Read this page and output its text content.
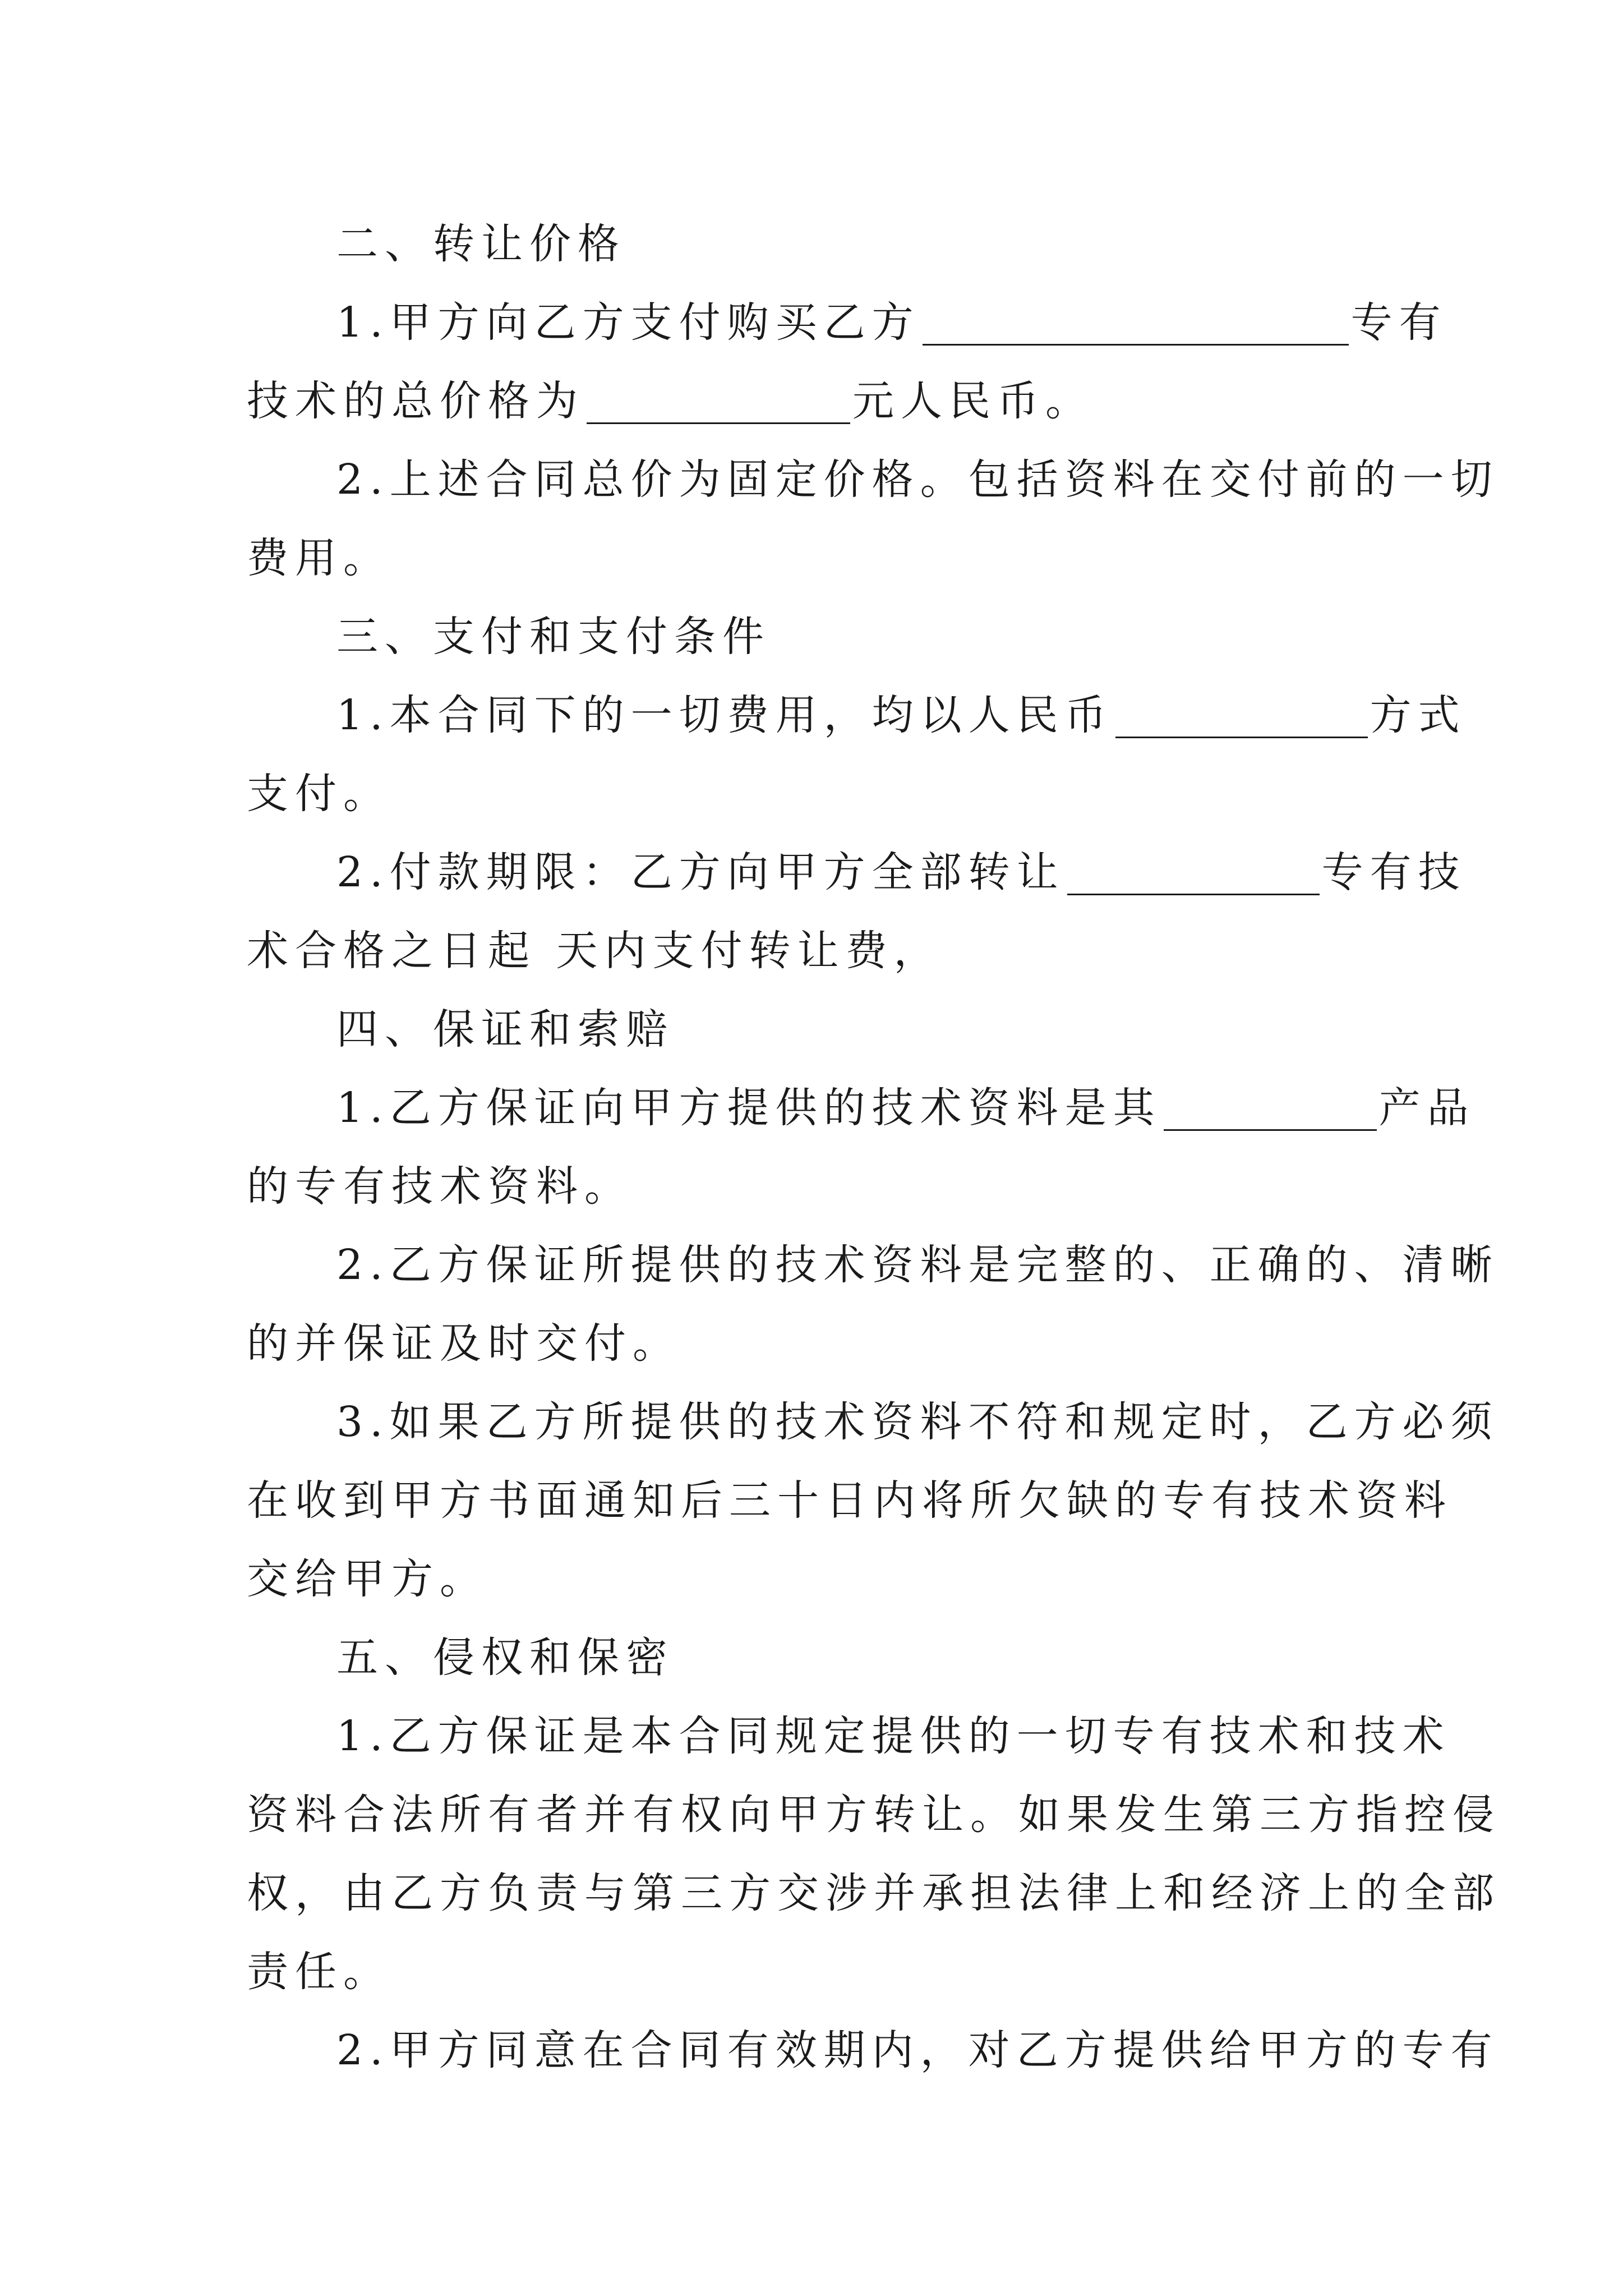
二、转让价格
1.甲方向乙方支付购买乙方	专有
技术的总价格为	元人民币。
2.上述合同总价为固定价格。包括资料在交付前的一切
费用。
三、支付和支付条件
1.本合同下的一切费用，均以人民币	方式
支付。
2.付款期限：乙方向甲方全部转让	专有技
术合格之日起 天内支付转让费，
四、保证和索赔
1.乙方保证向甲方提供的技术资料是其	产品
的专有技术资料。
2.乙方保证所提供的技术资料是完整的、正确的、清晰
的并保证及时交付。
3.如果乙方所提供的技术资料不符和规定时，乙方必须
在收到甲方书面通知后三十日内将所欠缺的专有技术资料
交给甲方。
五、侵权和保密
1.乙方保证是本合同规定提供的一切专有技术和技术
资料合法所有者并有权向甲方转让。如果发生第三方指控侵
权，由乙方负责与第三方交涉并承担法律上和经济上的全部
责任。
2.甲方同意在合同有效期内，对乙方提供给甲方的专有
